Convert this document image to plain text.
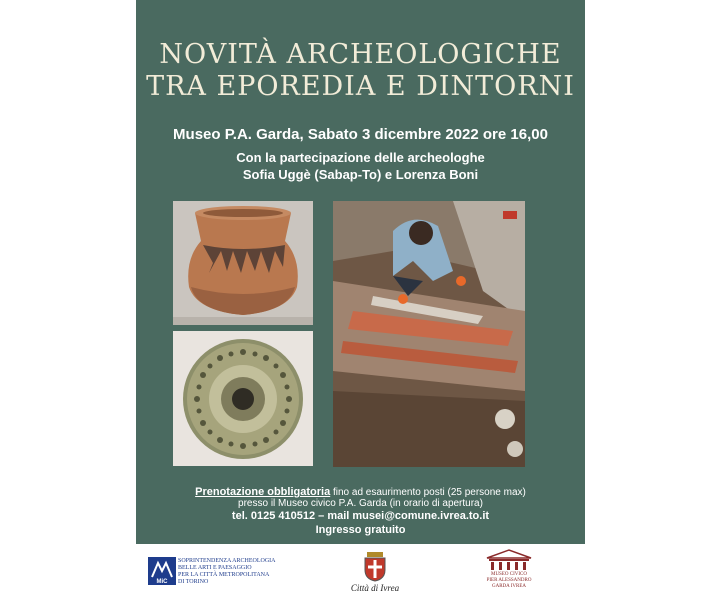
NOVITÀ ARCHEOLOGICHE
TRA EPOREDIA E DINTORNI
Museo P.A. Garda, Sabato 3 dicembre 2022 ore 16,00
Con la partecipazione delle archeologhe
Sofia Uggè (Sabap-To) e Lorenza Boni
Prenotazione obbligatoria fino ad esaurimento posti (25 persone max)
presso il Museo civico P.A. Garda (in orario di apertura)
tel. 0125 410512 – mail musei@comune.ivrea.to.it
Ingresso gratuito
MiC
SOPRINTENDENZA ARCHEOLOGIA
BELLE ARTI E PAESAGGIO
PER LA CITTÀ METROPOLITANA
DI TORINO
Città di Ivrea
MUSEO CIVICO
PIER ALESSANDRO
GARDA IVREA
